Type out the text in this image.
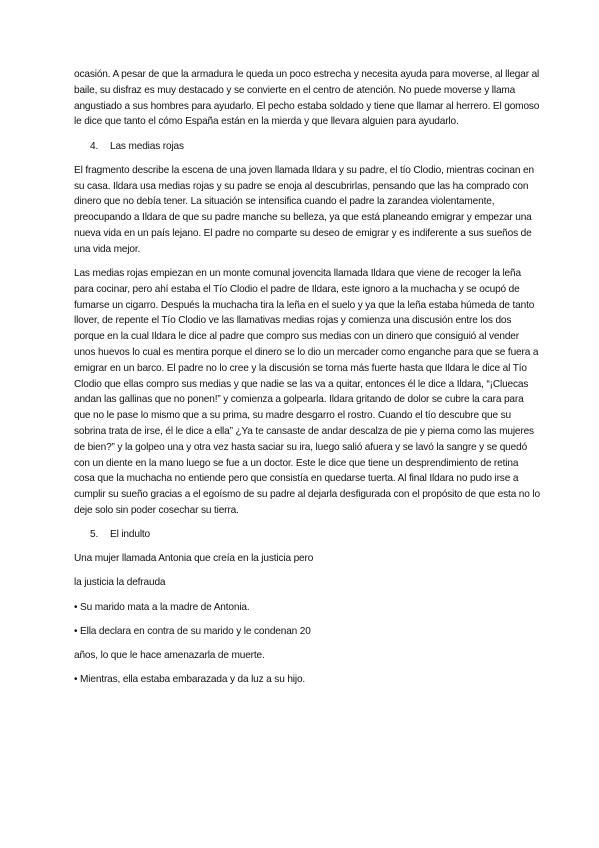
ocasión. A pesar de que la armadura le queda un poco estrecha y necesita ayuda para moverse, al llegar al baile, su disfraz es muy destacado y se convierte en el centro de atención. No puede moverse y llama angustiado a sus hombres para ayudarlo. El pecho estaba soldado y tiene que llamar al herrero. El gomoso le dice que tanto el cómo España están en la mierda y que llevara alguien para ayudarlo.

4.	Las medias rojas

El fragmento describe la escena de una joven llamada Ildara y su padre, el tío Clodio, mientras cocinan en su casa. Ildara usa medias rojas y su padre se enoja al descubrirlas, pensando que las ha comprado con dinero que no debía tener. La situación se intensifica cuando el padre la zarandea violentamente, preocupando a Ildara de que su padre manche su belleza, ya que está planeando emigrar y empezar una nueva vida en un país lejano. El padre no comparte su deseo de emigrar y es indiferente a sus sueños de una vida mejor.

Las medias rojas empiezan en un monte comunal jovencita llamada Ildara que viene de recoger la leña para cocinar, pero ahí estaba el Tío Clodio el padre de Ildara, este ignoro a la muchacha y se ocupó de fumarse un cigarro. Después la muchacha tira la leña en el suelo y ya que la leña estaba húmeda de tanto llover, de repente el Tío Clodio ve las llamativas medias rojas y comienza una discusión entre los dos porque en la cual Ildara le dice al padre que compro sus medias con un dinero que consiguió al vender unos huevos lo cual es mentira porque el dinero se lo dio un mercader como enganche para que se fuera a emigrar en un barco. El padre no lo cree y la discusión se torna más fuerte hasta que Ildara le dice al Tío Clodio que ellas compro sus medias y que nadie se las va a quitar, entonces él le dice a Ildara, “¡Cluecas andan las gallinas que no ponen!” y comienza a golpearla. Ildara gritando de dolor se cubre la cara para que no le pase lo mismo que a su prima, su madre desgarro el rostro. Cuando el tío descubre que su sobrina trata de irse, él le dice a ella” ¿Ya te cansaste de andar descalza de pie y pierna como las mujeres de bien?” y la golpeo una y otra vez hasta saciar su ira, luego salió afuera y se lavó la sangre y se quedó con un diente en la mano luego se fue a un doctor. Este le dice que tiene un desprendimiento de retina cosa que la muchacha no entiende pero que consistía en quedarse tuerta. Al final Ildara no pudo irse a cumplir su sueño gracias a el egoísmo de su padre al dejarla desfigurada con el propósito de que esta no lo deje solo sin poder cosechar su tierra.

5.	El indulto

Una mujer llamada Antonia que creía en la justicia pero

la justicia la defrauda

• Su marido mata a la madre de Antonia.

• Ella declara en contra de su marido y le condenan 20

años, lo que le hace amenazarla de muerte.

• Mientras, ella estaba embarazada y da luz a su hijo.
